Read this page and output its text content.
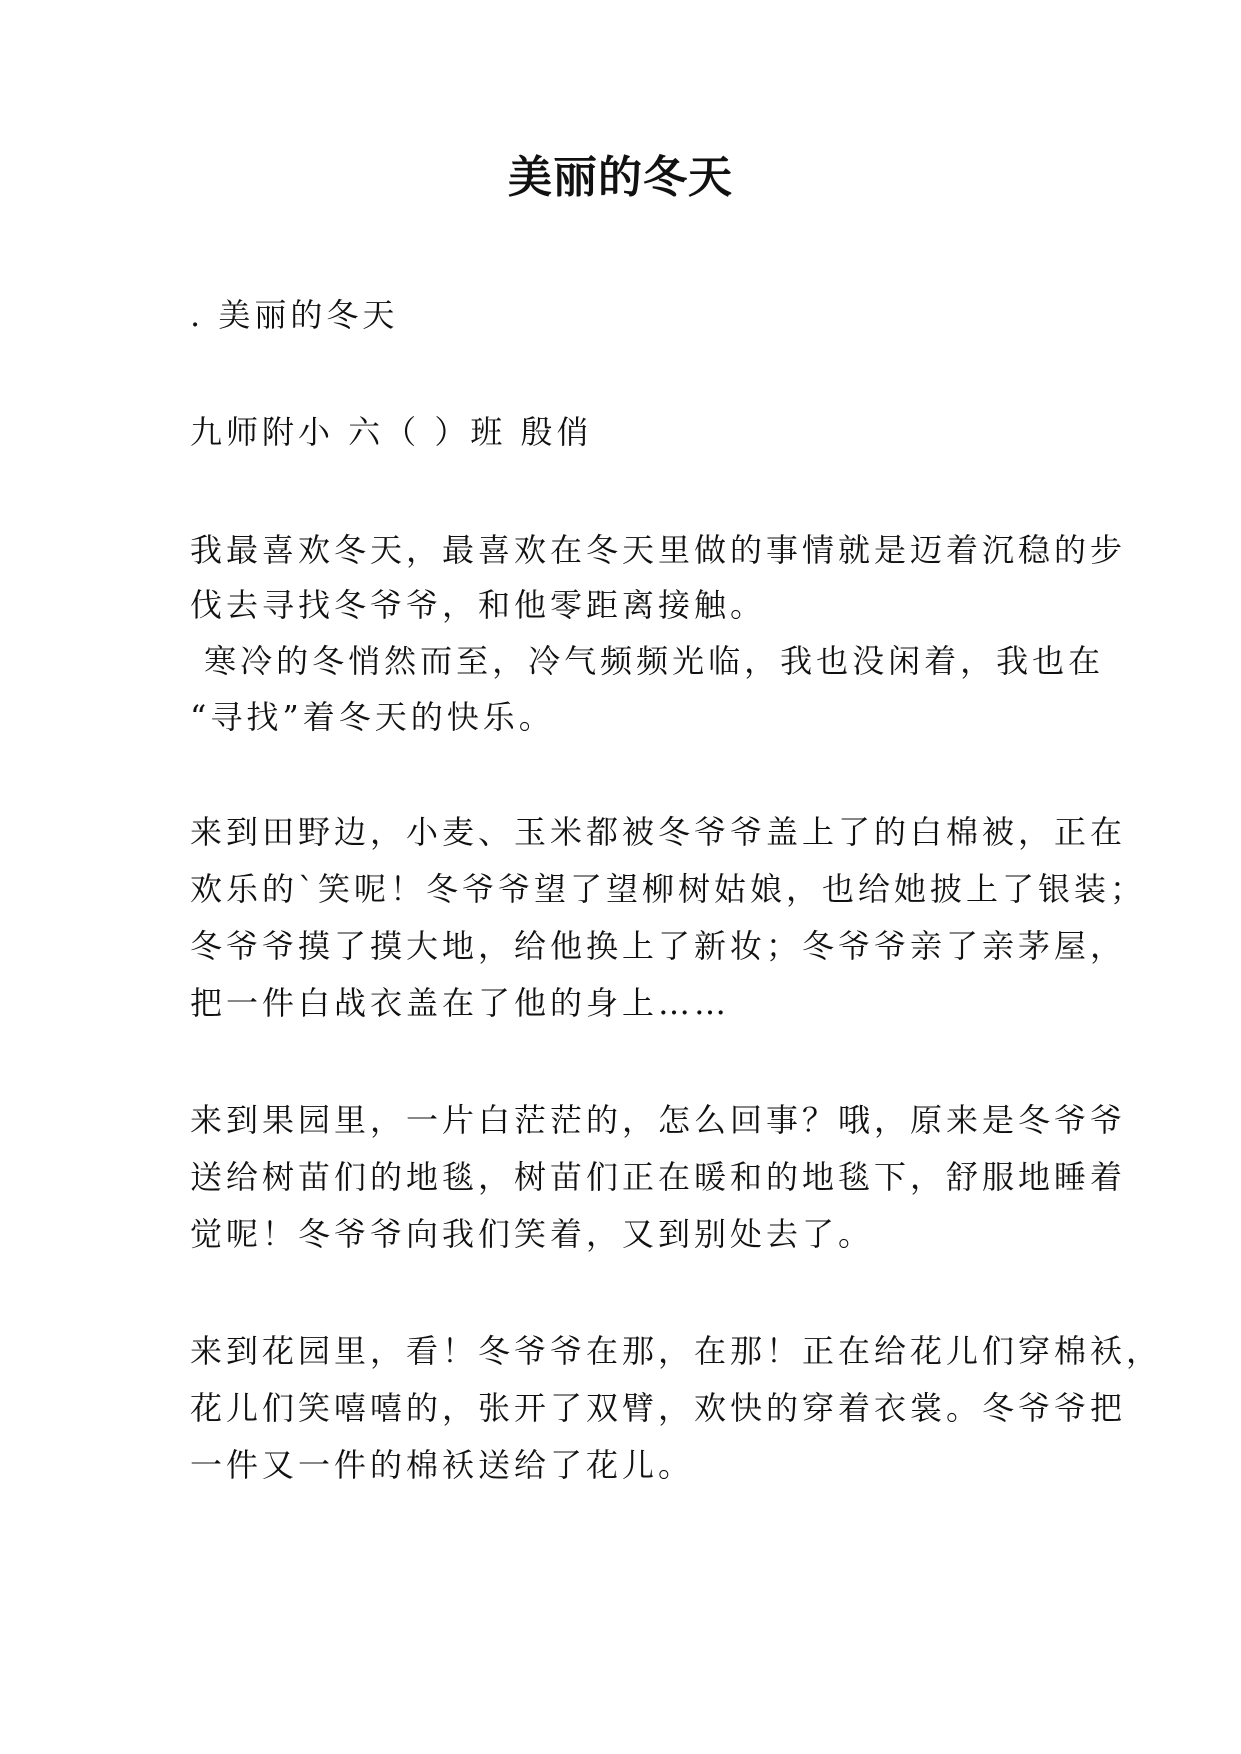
美丽的冬天
. 美丽的冬天
九师附小 六（ ）班 殷俏
我最喜欢冬天，最喜欢在冬天里做的事情就是迈着沉稳的步
伐去寻找冬爷爷，和他零距离接触。
寒冷的冬悄然而至，冷气频频光临，我也没闲着，我也在
“寻找”着冬天的快乐。
来到田野边，小麦、玉米都被冬爷爷盖上了的白棉被，正在
欢乐的`笑呢！冬爷爷望了望柳树姑娘，也给她披上了银装；
冬爷爷摸了摸大地，给他换上了新妆；冬爷爷亲了亲茅屋，
把一件白战衣盖在了他的身上……
来到果园里，一片白茫茫的，怎么回事？哦，原来是冬爷爷
送给树苗们的地毯，树苗们正在暖和的地毯下，舒服地睡着
觉呢！冬爷爷向我们笑着，又到别处去了。
来到花园里，看！冬爷爷在那，在那！正在给花儿们穿棉袄，
花儿们笑嘻嘻的，张开了双臂，欢快的穿着衣裳。冬爷爷把
一件又一件的棉袄送给了花儿。
